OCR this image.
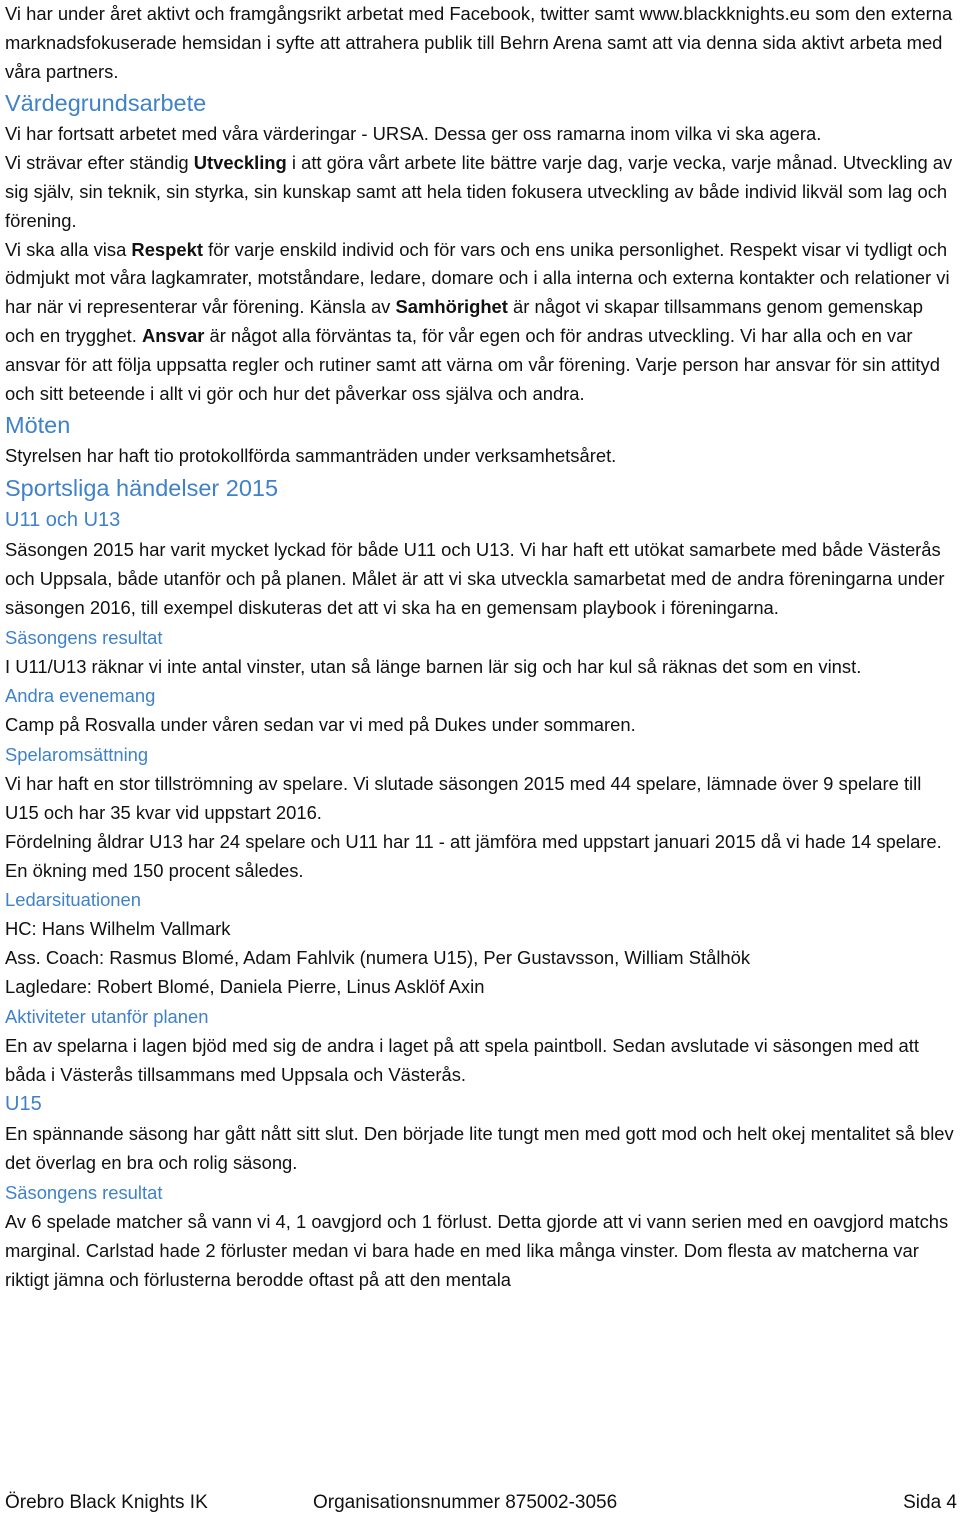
Vi har under året aktivt och framgångsrikt arbetat med Facebook, twitter samt www.blackknights.eu som den externa marknadsfokuserade hemsidan i syfte att attrahera publik till Behrn Arena samt att via denna sida aktivt arbeta med våra partners.

Värdegrundsarbete

Vi har fortsatt arbetet med våra värderingar - URSA. Dessa ger oss ramarna inom vilka vi ska agera.

Vi strävar efter ständig Utveckling i att göra vårt arbete lite bättre varje dag, varje vecka, varje månad. Utveckling av sig själv, sin teknik, sin styrka, sin kunskap samt att hela tiden fokusera utveckling av både individ likväl som lag och förening.

Vi ska alla visa Respekt för varje enskild individ och för vars och ens unika personlighet. Respekt visar vi tydligt och ödmjukt mot våra lagkamrater, motståndare, ledare, domare och i alla interna och externa kontakter och relationer vi har när vi representerar vår förening. Känsla av Samhörighet är något vi skapar tillsammans genom gemenskap och en trygghet. Ansvar är något alla förväntas ta, för vår egen och för andras utveckling. Vi har alla och en var ansvar för att följa uppsatta regler och rutiner samt att värna om vår förening. Varje person har ansvar för sin attityd och sitt beteende i allt vi gör och hur det påverkar oss själva och andra.

Möten

Styrelsen har haft tio protokollförda sammanträden under verksamhetsåret.

Sportsliga händelser 2015
U11 och U13

Säsongen 2015 har varit mycket lyckad för både U11 och U13. Vi har haft ett utökat samarbete med både Västerås och Uppsala, både utanför och på planen. Målet är att vi ska utveckla samarbetat med de andra föreningarna under säsongen 2016, till exempel diskuteras det att vi ska ha en gemensam playbook i föreningarna.

Säsongens resultat

I U11/U13 räknar vi inte antal vinster, utan så länge barnen lär sig och har kul så räknas det som en vinst.

Andra evenemang

Camp på Rosvalla under våren sedan var vi med på Dukes under sommaren.

Spelaromsättning

Vi har haft en stor tillströmning av spelare. Vi slutade säsongen 2015 med 44 spelare, lämnade över 9 spelare till U15 och har 35 kvar vid uppstart 2016.

Fördelning åldrar U13 har 24 spelare och U11 har 11 - att jämföra med uppstart januari 2015 då vi hade 14 spelare. En ökning med 150 procent således.

Ledarsituationen

HC: Hans Wilhelm Vallmark

Ass. Coach: Rasmus Blomé, Adam Fahlvik (numera U15), Per Gustavsson, William Stålhök

Lagledare: Robert Blomé, Daniela Pierre, Linus Asklöf Axin

Aktiviteter utanför planen

En av spelarna i lagen bjöd med sig de andra i laget på att spela paintboll. Sedan avslutade vi säsongen med att båda i Västerås tillsammans med Uppsala och Västerås.

U15

En spännande säsong har gått nått sitt slut. Den började lite tungt men med gott mod och helt okej mentalitet så blev det överlag en bra och rolig säsong.

Säsongens resultat

Av 6 spelade matcher så vann vi 4, 1 oavgjord och 1 förlust. Detta gjorde att vi vann serien med en oavgjord matchs marginal. Carlstad hade 2 förluster medan vi bara hade en med lika många vinster. Dom flesta av matcherna var riktigt jämna och förlusterna berodde oftast på att den mentala

Örebro Black Knights IK	Organisationsnummer 875002-3056	Sida 4
